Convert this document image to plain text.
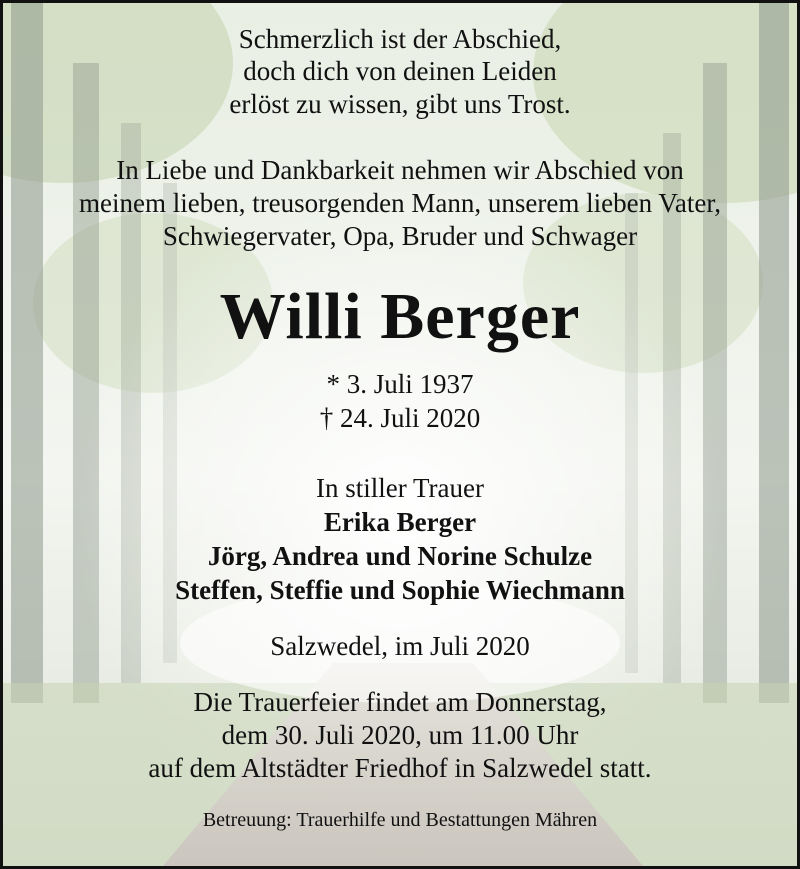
Schmerzlich ist der Abschied,
doch dich von deinen Leiden
erlöst zu wissen, gibt uns Trost.
In Liebe und Dankbarkeit nehmen wir Abschied von
meinem lieben, treusorgenden Mann, unserem lieben Vater,
Schwiegervater, Opa, Bruder und Schwager
Willi Berger
* 3. Juli 1937
† 24. Juli 2020
In stiller Trauer
Erika Berger
Jörg, Andrea und Norine Schulze
Steffen, Steffie und Sophie Wiechmann
Salzwedel, im Juli 2020
Die Trauerfeier findet am Donnerstag,
dem 30. Juli 2020, um 11.00 Uhr
auf dem Altstädter Friedhof in Salzwedel statt.
Betreuung: Trauerhilfe und Bestattungen Mähren
